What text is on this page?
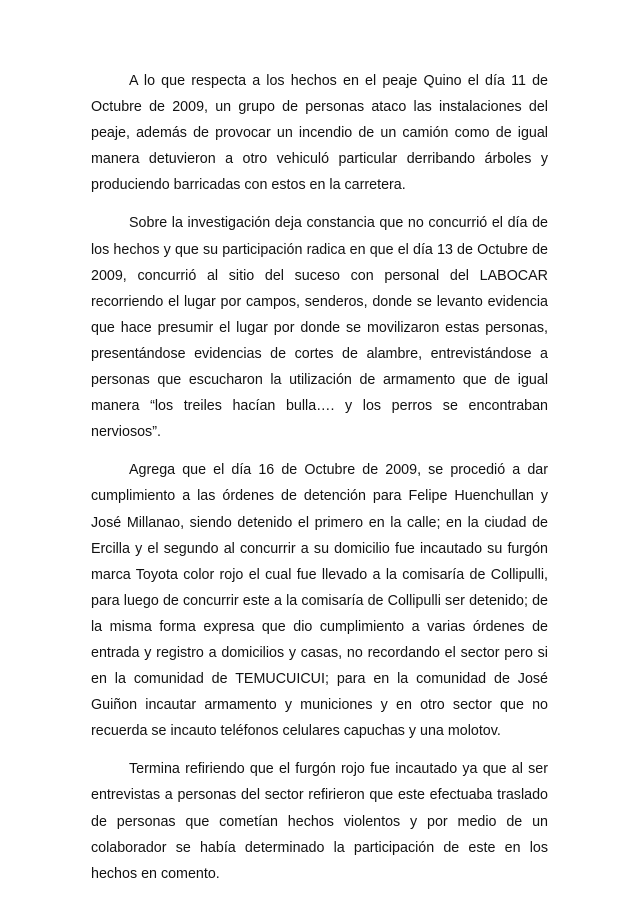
A lo que respecta a los hechos en el peaje Quino el día 11 de Octubre de 2009, un grupo de personas ataco las instalaciones del peaje, además de provocar un incendio de un camión como de igual manera detuvieron a otro vehiculó particular derribando árboles y produciendo barricadas con estos en la carretera.

Sobre la investigación deja constancia que no concurrió el día de los hechos y que su participación radica en que el día 13 de Octubre de 2009, concurrió al sitio del suceso con personal del LABOCAR recorriendo el lugar por campos, senderos, donde se levanto evidencia que hace presumir el lugar por donde se movilizaron estas personas, presentándose evidencias de cortes de alambre, entrevistándose a personas que escucharon la utilización de armamento que de igual manera “los treiles hacían bulla…. y los perros se encontraban nerviosos”.

Agrega que el día 16 de Octubre de 2009, se procedió a dar cumplimiento a las órdenes de detención para Felipe Huenchullan y José Millanao, siendo detenido el primero en la calle; en la ciudad de Ercilla y el segundo al concurrir a su domicilio fue incautado su furgón marca Toyota color rojo el cual fue llevado a la comisaría de Collipulli, para luego de concurrir este a la comisaría de Collipulli ser detenido; de la misma forma expresa que dio cumplimiento a varias órdenes de entrada y registro a domicilios y casas, no recordando el sector pero si en la comunidad de TEMUCUICUI; para en la comunidad de José Guiñon incautar armamento y municiones y en otro sector que no recuerda se incauto teléfonos celulares capuchas y una molotov.

Termina refiriendo que el furgón rojo fue incautado ya que al ser entrevistas a personas del sector refirieron que este efectuaba traslado de personas que cometían hechos violentos y por medio de un colaborador se había determinado la participación de este en los hechos en comento.
